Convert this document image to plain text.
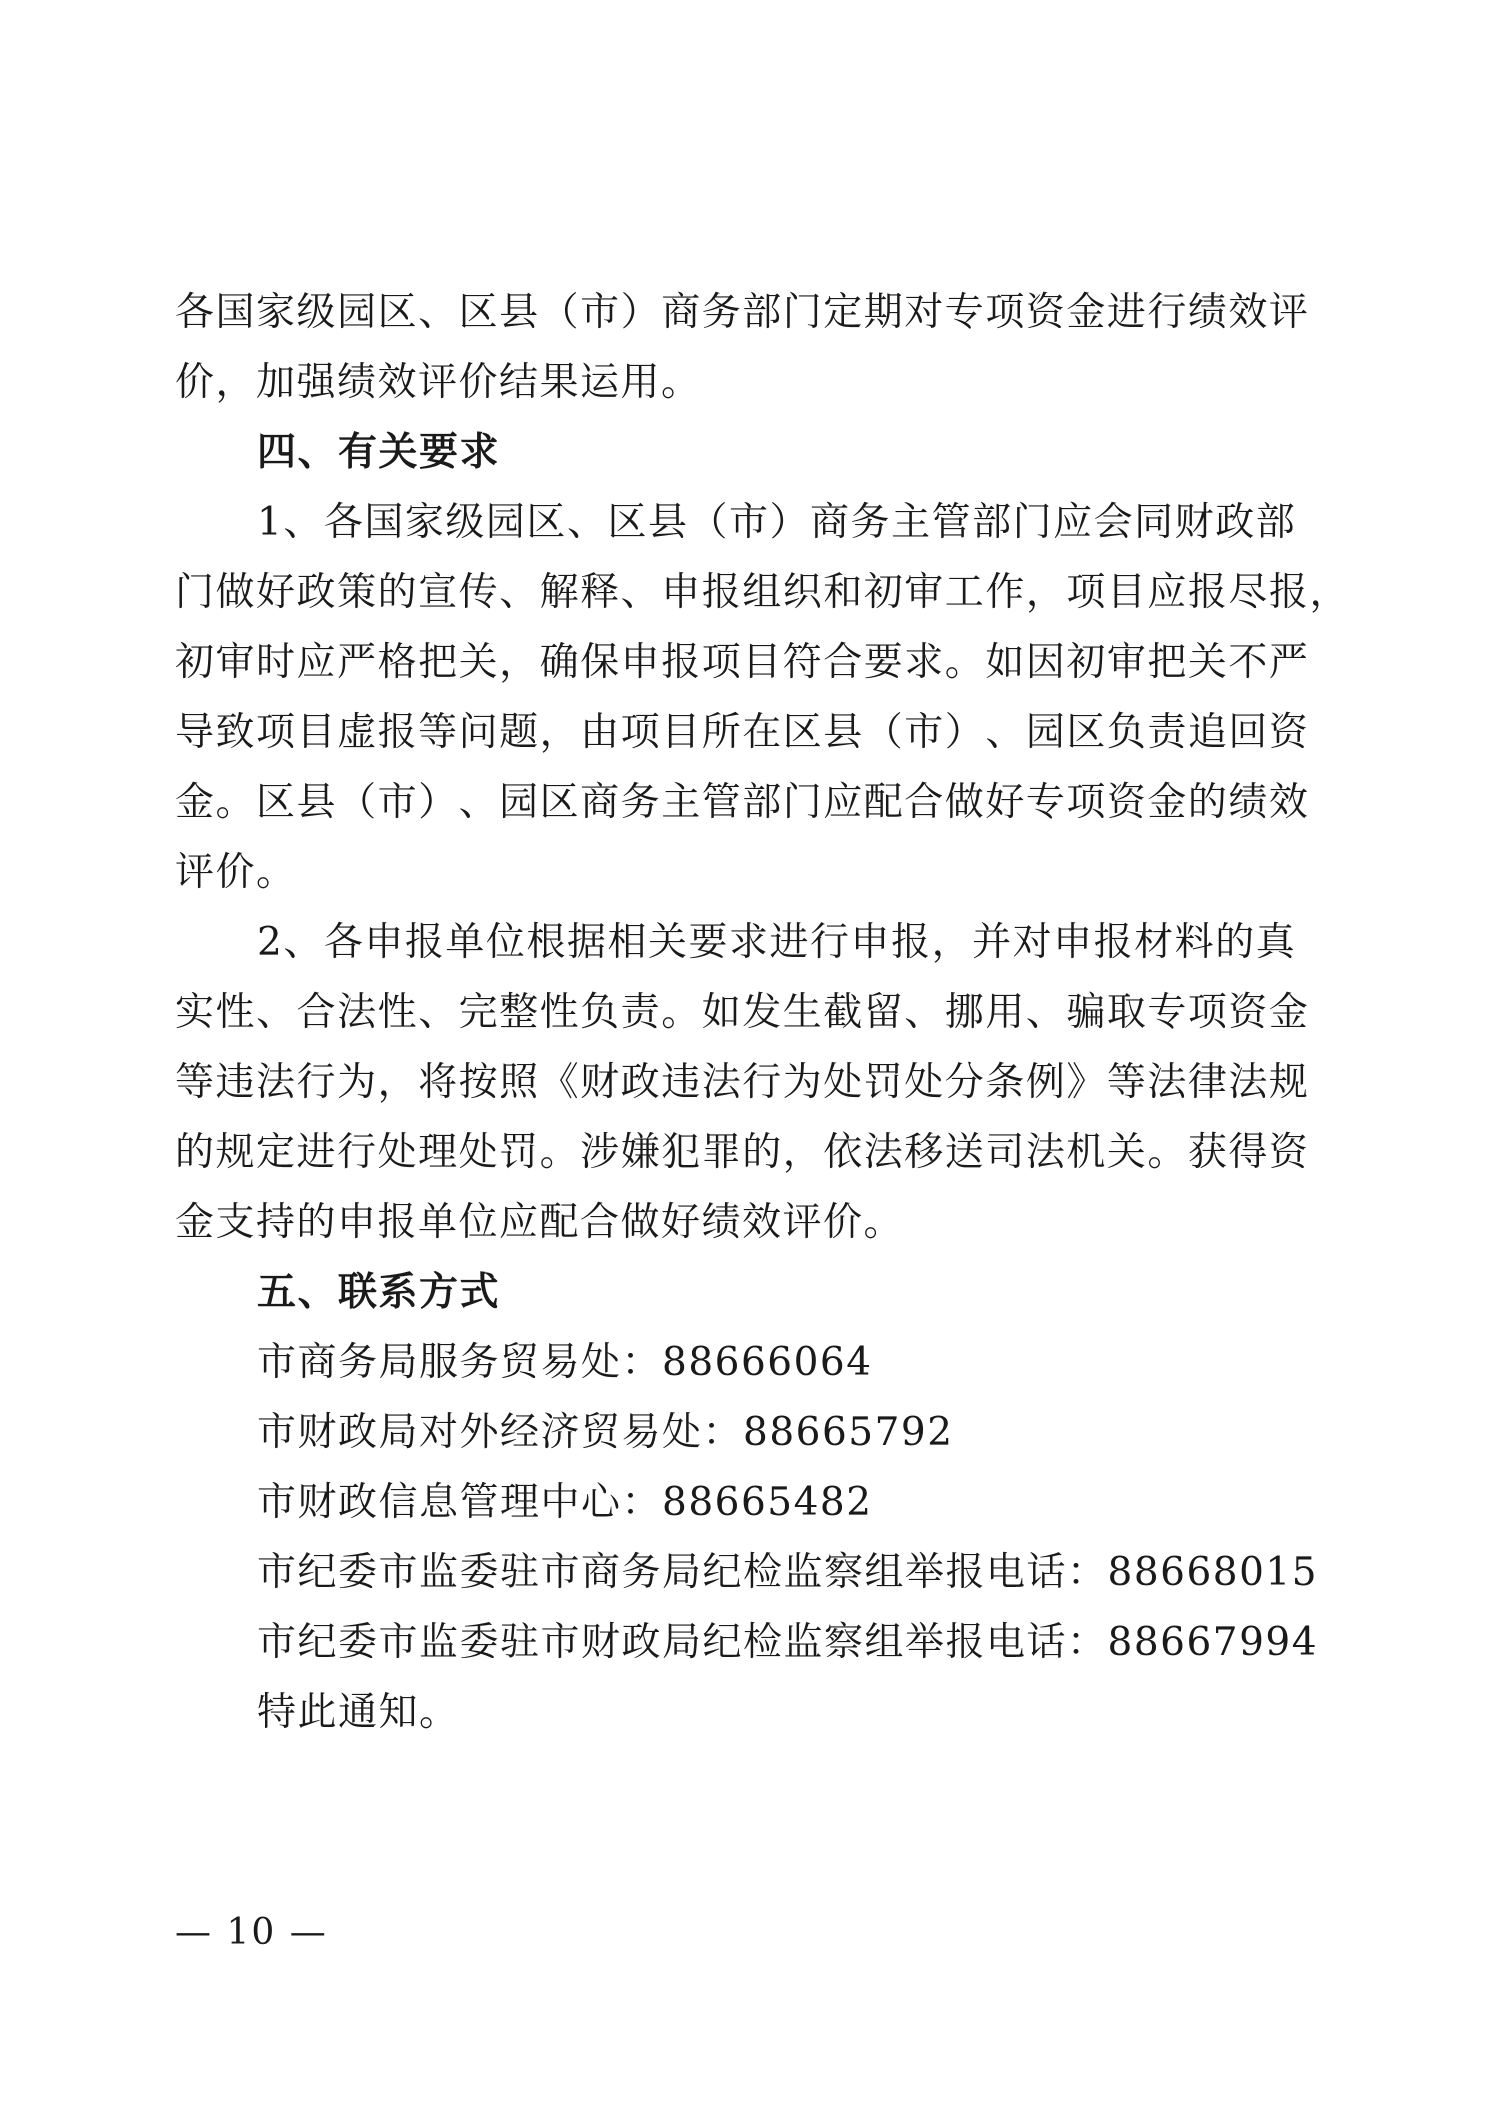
各 国 家 级 园 区 、 区 县 （ 市 ） 商 务 部 门 定 期 对 专 项 资 金 进 行 绩 效 评
价，加强绩效评价结果运用。
四、有关要求
1 、 各 国 家 级 园 区 、 区 县 （ 市 ） 商 务 主 管 部 门 应 会 同 财 政 部
门 做 好 政 策 的 宣 传 、 解 释 、 申 报 组 织 和 初 审 工 作 ， 项 目 应 报 尽 报 ，
初 审 时 应 严 格 把 关 ， 确 保 申 报 项 目 符 合 要 求 。 如 因 初 审 把 关 不 严
导 致 项 目 虚 报 等 问 题 ， 由 项 目 所 在 区 县 （ 市 ） 、 园 区 负 责 追 回 资
金 。 区 县 （ 市 ） 、 园 区 商 务 主 管 部 门 应 配 合 做 好 专 项 资 金 的 绩 效
评价。
2 、 各 申 报 单 位 根 据 相 关 要 求 进 行 申 报 ， 并 对 申 报 材 料 的 真
实 性 、 合 法 性 、 完 整 性 负 责 。 如 发 生 截 留 、 挪 用 、 骗 取 专 项 资 金
等 违 法 行 为 ， 将 按 照 《 财 政 违 法 行 为 处 罚 处 分 条 例 》 等 法 律 法 规
的 规 定 进 行 处 理 处 罚 。 涉 嫌 犯 罪 的 ， 依 法 移 送 司 法 机 关 。 获 得 资
金支持的申报单位应配合做好绩效评价。
五、联系方式
市商务局服务贸易处：88666064
市财政局对外经济贸易处：88665792
市财政信息管理中心：88665482
市纪委市监委驻市商务局纪检监察组举报电话：88668015
市纪委市监委驻市财政局纪检监察组举报电话：88667994
特此通知。
— 10 —
